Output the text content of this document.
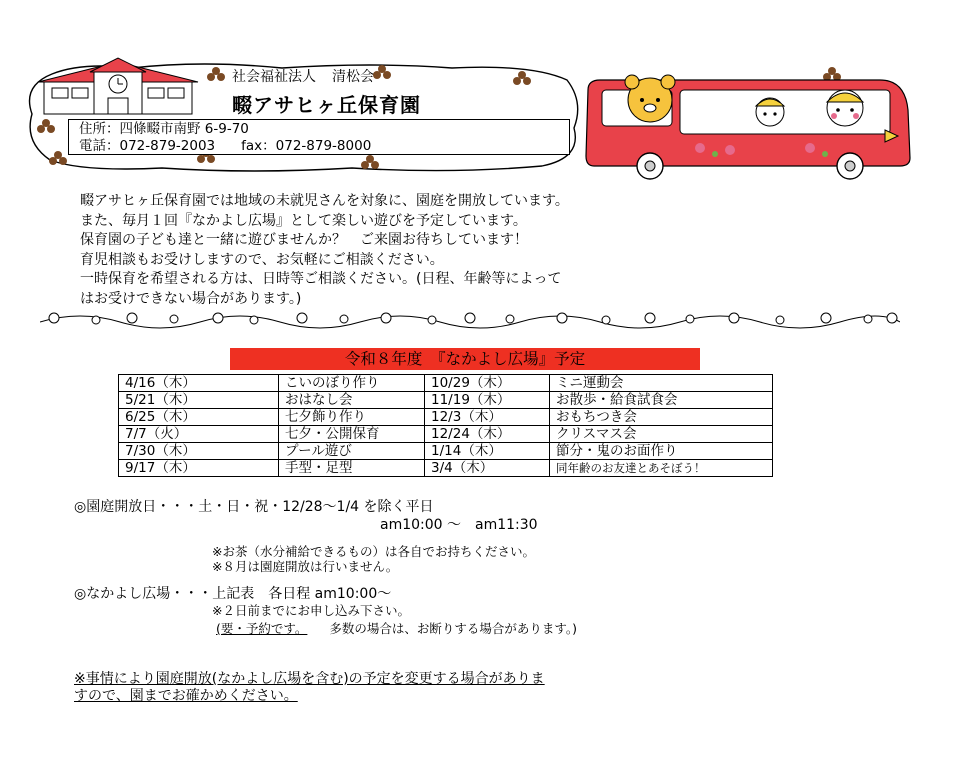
社会福祉法人 清松会
畷アサヒヶ丘保育園
住所：四條畷市南野 6-9-70
電話：072-879-2003 fax：072-879-8000
畷アサヒヶ丘保育園では地域の未就児さんを対象に、園庭を開放しています。
また、毎月１回『なかよし広場』として楽しい遊びを予定しています。
保育園の子ども達と一緒に遊びませんか？　ご来園お待ちしています！
育児相談もお受けしますので、お気軽にご相談ください。
一時保育を希望される方は、日時等ご相談ください。(日程、年齢等によって
はお受けできない場合があります。)
令和８年度　『なかよし広場』予定
4/16（木）	こいのぼり作り	10/29（木）	ミニ運動会
5/21（木）	おはなし会	11/19（木）	お散歩・給食試食会
6/25（木）	七夕飾り作り	12/3（木）	おもちつき会
7/7（火）	七夕・公開保育	12/24（木）	クリスマス会
7/30（木）	プール遊び	1/14（木）	節分・鬼のお面作り
9/17（木）	手型・足型	3/4（木）	同年齢のお友達とあそぼう！
◎園庭開放日・・・土・日・祝・12/28～1/4 を除く平日
am10:00 ～　am11:30
※お茶（水分補給できるもの）は各自でお持ちください。
※８月は園庭開放は行いません。
◎なかよし広場・・・上記表　各日程 am10:00～
※２日前までにお申し込み下さい。
(要・予約です。 多数の場合は、お断りする場合があります。)
※事情により園庭開放(なかよし広場を含む)の予定を変更する場合がありま
すので、園までお確かめください。
